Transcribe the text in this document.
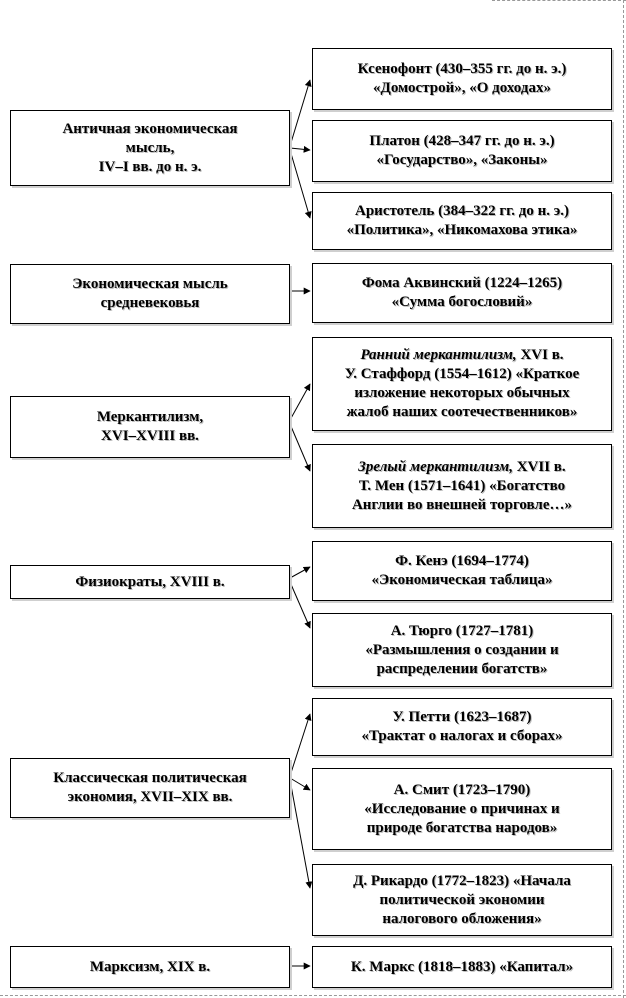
Античная экономическая
мысль,
IV–I вв. до н. э.
Экономическая мысль
средневековья
Меркантилизм,
XVI–XVIII вв.
Физиократы, XVIII в.
Классическая политическая
экономия, XVII–XIX вв.
Марксизм, XIX в.
Ксенофонт (430–355 гг. до н. э.)
«Домострой», «О доходах»
Платон (428–347 гг. до н. э.)
«Государство», «Законы»
Аристотель (384–322 гг. до н. э.)
«Политика», «Никомахова этика»
Фома Аквинский (1224–1265)
«Сумма богословий»
Ранний меркантилизм, XVI в.
У. Стаффорд (1554–1612) «Краткое
изложение некоторых обычных
жалоб наших соотечественников»
Зрелый меркантилизм, XVII в.
Т. Мен (1571–1641) «Богатство
Англии во внешней торговле…»
Ф. Кенэ (1694–1774)
«Экономическая таблица»
А. Тюрго (1727–1781)
«Размышления о создании и
распределении богатств»
У. Петти (1623–1687)
«Трактат о налогах и сборах»
А. Смит (1723–1790)
«Исследование о причинах и
природе богатства народов»
Д. Рикардо (1772–1823) «Начала
политической экономии
налогового обложения»
К. Маркс (1818–1883) «Капитал»
